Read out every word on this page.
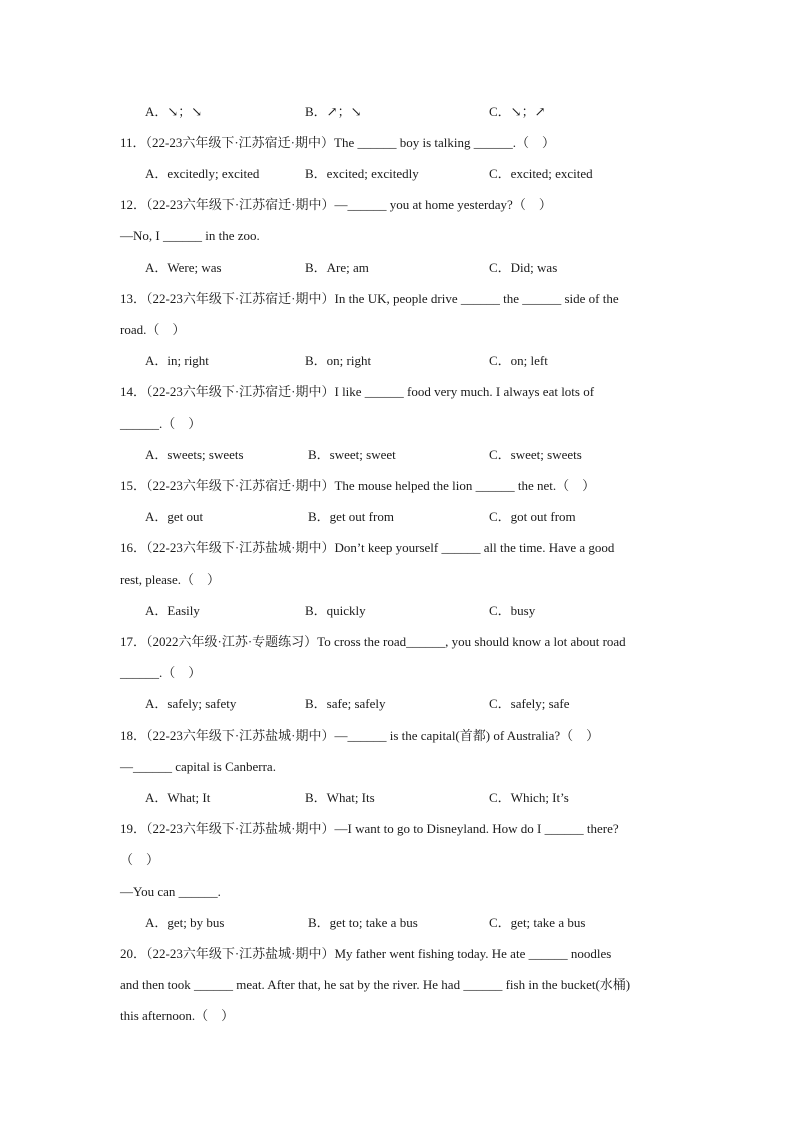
A．↘；↘	B．↗；↘	C．↘；↗
11．（22-23六年级下·江苏宿迁·期中）The ______ boy is talking ______.（　）
A．excitedly; excited	B．excited; excitedly	C．excited; excited
12．（22-23六年级下·江苏宿迁·期中）—______ you at home yesterday?（　）
—No, I ______ in the zoo.
A．Were; was	B．Are; am	C．Did; was
13．（22-23六年级下·江苏宿迁·期中）In the UK, people drive ______ the ______ side of the
road.（　）
A．in; right	B．on; right	C．on; left
14．（22-23六年级下·江苏宿迁·期中）I like ______ food very much. I always eat lots of
______.（　）
A．sweets; sweets	B．sweet; sweet	C．sweet; sweets
15．（22-23六年级下·江苏宿迁·期中）The mouse helped the lion ______ the net.（　）
A．get out	B．get out from	C．got out from
16．（22-23六年级下·江苏盐城·期中）Don’t keep yourself ______ all the time. Have a good
rest, please.（　）
A．Easily	B．quickly	C．busy
17．（2022六年级·江苏·专题练习）To cross the road______, you should know a lot about road
______.（　）
A．safely; safety	B．safe; safely	C．safely; safe
18．（22-23六年级下·江苏盐城·期中）—______ is the capital(首都) of Australia?（　）
—______ capital is Canberra.
A．What; It	B．What; Its	C．Which; It’s
19．（22-23六年级下·江苏盐城·期中）—I want to go to Disneyland. How do I ______ there?
（　）
—You can ______.
A．get; by bus	B．get to; take a bus	C．get; take a bus
20．（22-23六年级下·江苏盐城·期中）My father went fishing today. He ate ______ noodles
and then took ______ meat. After that, he sat by the river. He had ______ fish in the bucket(水桶)
this afternoon.（　）
